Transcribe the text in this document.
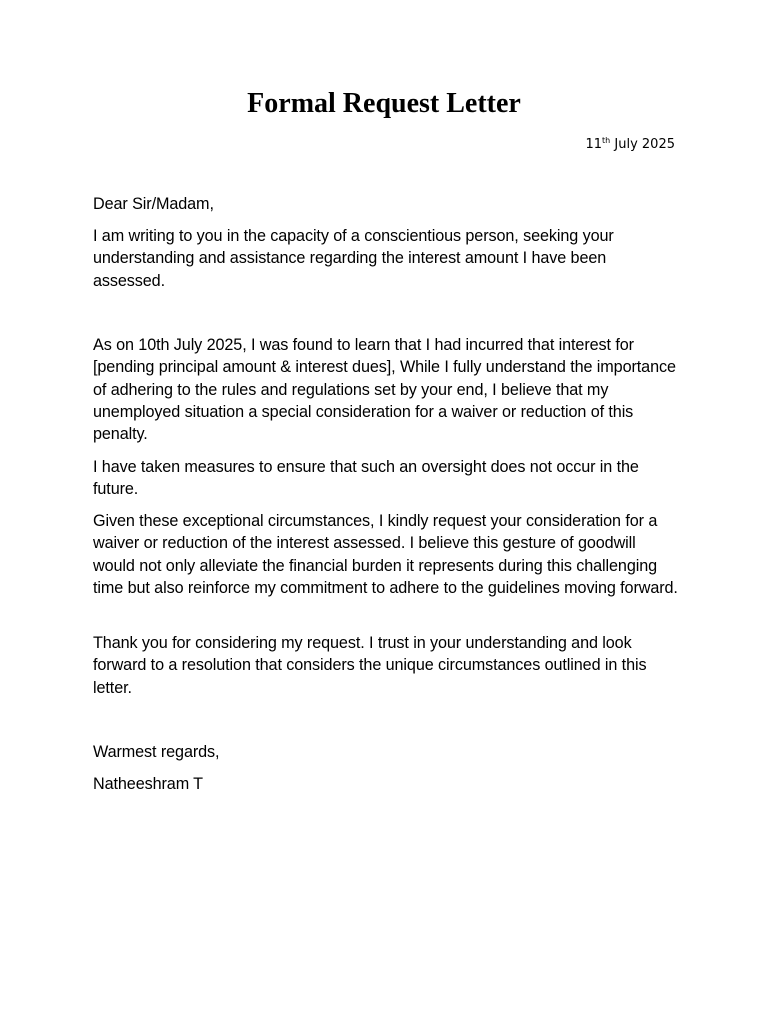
Formal Request Letter
11th July 2025

Dear Sir/Madam,

I am writing to you in the capacity of a conscientious person, seeking your understanding and assistance regarding the interest amount I have been assessed.

As on 10th July 2025, I was found to learn that I had incurred that interest for [pending principal amount & interest dues], While I fully understand the importance of adhering to the rules and regulations set by your end, I believe that my unemployed situation a special consideration for a waiver or reduction of this penalty.

I have taken measures to ensure that such an oversight does not occur in the future.

Given these exceptional circumstances, I kindly request your consideration for a waiver or reduction of the interest assessed. I believe this gesture of goodwill would not only alleviate the financial burden it represents during this challenging time but also reinforce my commitment to adhere to the guidelines moving forward.

Thank you for considering my request. I trust in your understanding and look forward to a resolution that considers the unique circumstances outlined in this letter.

Warmest regards,

Natheeshram T
